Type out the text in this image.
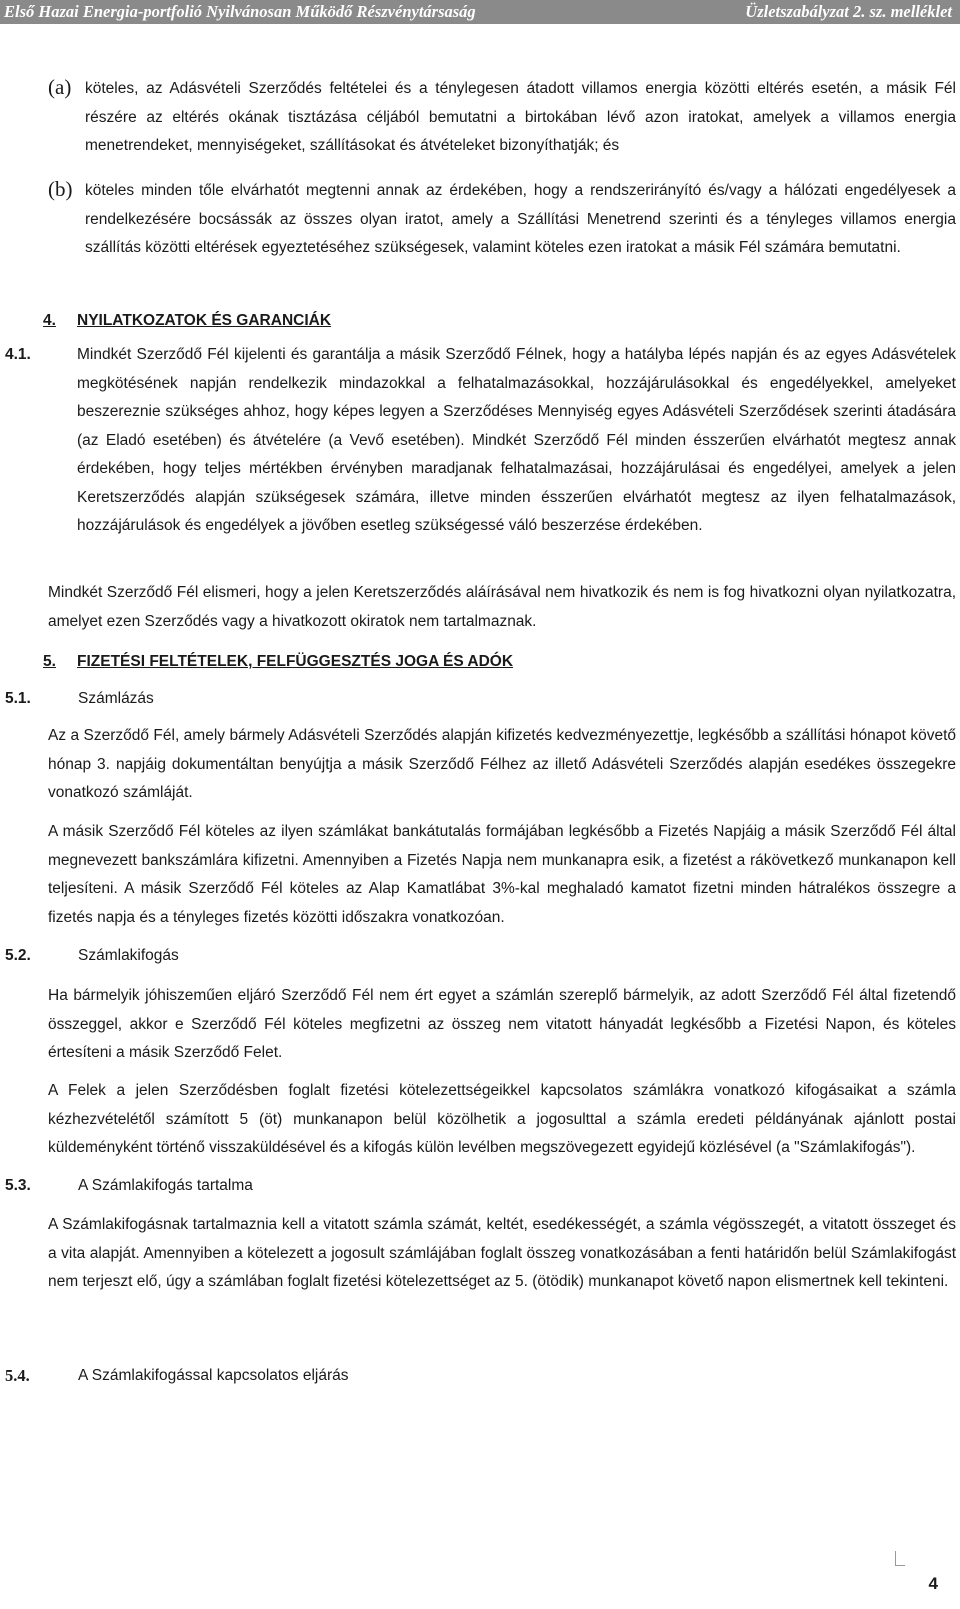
Első Hazai Energia-portfolió Nyilvánosan Működő Részvénytársaság	Üzletszabályzat 2. sz. melléklet
(a) köteles, az Adásvételi Szerződés feltételei és a ténylegesen átadott villamos energia közötti eltérés esetén, a másik Fél részére az eltérés okának tisztázása céljából bemutatni a birtokában lévő azon iratokat, amelyek a villamos energia menetrendeket, mennyiségeket, szállításokat és átvételeket bizonyíthatják; és

(b) köteles minden tőle elvárhatót megtenni annak az érdekében, hogy a rendszerirányító és/vagy a hálózati engedélyesek a rendelkezésére bocsássák az összes olyan iratot, amely a Szállítási Menetrend szerinti és a tényleges villamos energia szállítás közötti eltérések egyeztetéséhez szükségesek, valamint köteles ezen iratokat a másik Fél számára bemutatni.

4. NYILATKOZATOK ÉS GARANCIÁK
4.1.	Mindkét Szerződő Fél kijelenti és garantálja a másik Szerződő Félnek, hogy a hatályba lépés napján és az egyes Adásvételek megkötésének napján rendelkezik mindazokkal a felhatalmazásokkal, hozzájárulásokkal és engedélyekkel, amelyeket beszereznie szükséges ahhoz, hogy képes legyen a Szerződéses Mennyiség egyes Adásvételi Szerződések szerinti átadására (az Eladó esetében) és átvételére (a Vevő esetében). Mindkét Szerződő Fél minden ésszerűen elvárhatót megtesz annak érdekében, hogy teljes mértékben érvényben maradjanak felhatalmazásai, hozzájárulásai és engedélyei, amelyek a jelen Keretszerződés alapján szükségesek számára, illetve minden ésszerűen elvárhatót megtesz az ilyen felhatalmazások, hozzájárulások és engedélyek a jövőben esetleg szükségessé váló beszerzése érdekében.

Mindkét Szerződő Fél elismeri, hogy a jelen Keretszerződés aláírásával nem hivatkozik és nem is fog hivatkozni olyan nyilatkozatra, amelyet ezen Szerződés vagy a hivatkozott okiratok nem tartalmaznak.

5. FIZETÉSI FELTÉTELEK, FELFÜGGESZTÉS JOGA ÉS ADÓK
5.1.	Számlázás

Az a Szerződő Fél, amely bármely Adásvételi Szerződés alapján kifizetés kedvezményezettje, legkésőbb a szállítási hónapot követő hónap 3. napjáig dokumentáltan benyújtja a másik Szerződő Félhez az illető Adásvételi Szerződés alapján esedékes összegekre vonatkozó számláját.

A másik Szerződő Fél köteles az ilyen számlákat bankátutalás formájában legkésőbb a Fizetés Napjáig a másik Szerződő Fél által megnevezett bankszámlára kifizetni. Amennyiben a Fizetés Napja nem munkanapra esik, a fizetést a rákövetkező munkanapon kell teljesíteni. A másik Szerződő Fél köteles az Alap Kamatlábat 3%-kal meghaladó kamatot fizetni minden hátralékos összegre a fizetés napja és a tényleges fizetés közötti időszakra vonatkozóan.

5.2.	Számlakifogás

Ha bármelyik jóhiszeműen eljáró Szerződő Fél nem ért egyet a számlán szereplő bármelyik, az adott Szerződő Fél által fizetendő összeggel, akkor e Szerződő Fél köteles megfizetni az összeg nem vitatott hányadát legkésőbb a Fizetési Napon, és köteles értesíteni a másik Szerződő Felet.

A Felek a jelen Szerződésben foglalt fizetési kötelezettségeikkel kapcsolatos számlákra vonatkozó kifogásaikat a számla kézhezvételétől számított 5 (öt) munkanapon belül közölhetik a jogosulttal a számla eredeti példányának ajánlott postai küldeményként történő visszaküldésével és a kifogás külön levélben megszövegezett egyidejű közlésével (a "Számlakifogás").

5.3.	A Számlakifogás tartalma

A Számlakifogásnak tartalmaznia kell a vitatott számla számát, keltét, esedékességét, a számla végösszegét, a vitatott összeget és a vita alapját. Amennyiben a kötelezett a jogosult számlájában foglalt összeg vonatkozásában a fenti határidőn belül Számlakifogást nem terjeszt elő, úgy a számlában foglalt fizetési kötelezettséget az 5. (ötödik) munkanapot követő napon elismertnek kell tekinteni.

5.4.	A Számlakifogással kapcsolatos eljárás
4
